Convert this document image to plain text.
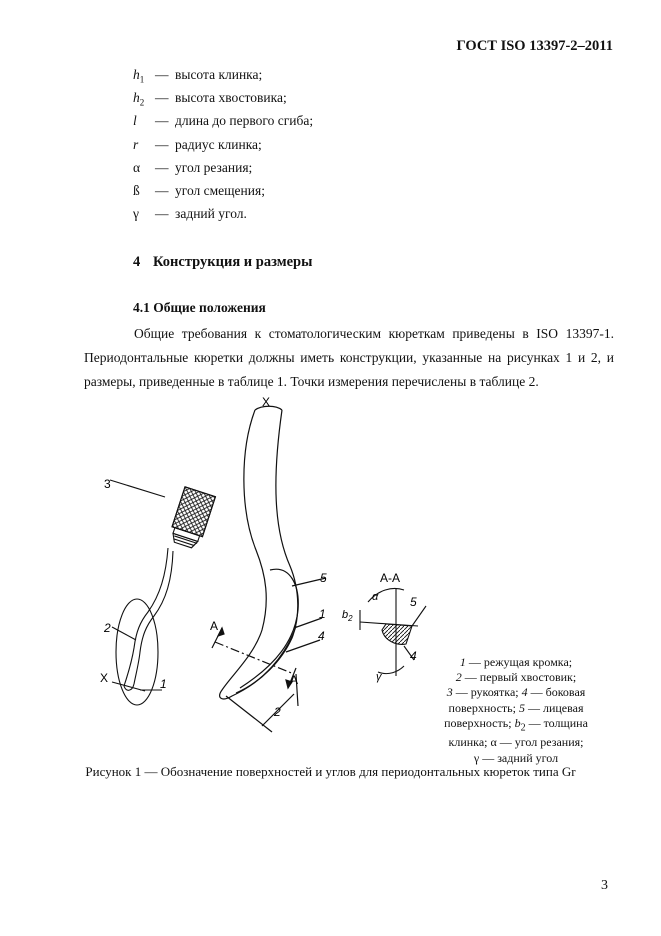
ГОСТ ISO 13397-2–2011
$h_1$ — высота клинка;
$h_2$ — высота хвостовика;
l — длина до первого сгиба;
r — радиус клинка;
α — угол резания;
ß — угол смещения;
γ — задний угол.
4 Конструкция и размеры
4.1 Общие положения
Общие требования к стоматологическим кюреткам приведены в ISO 13397-1. Периодонтальные кюретки должны иметь конструкции, указанные на рисунках 1 и 2, и размеры, приведенные в таблице 1. Точки измерения перечислены в таблице 2.
3
2
X	1
X
5
1
4
A
A
2
A-A
α
$b_2$
5
4
γ
1 — режущая кромка;
2 — первый хвостовик;
3 — рукоятка; 4 — боковая поверхность; 5 — лицевая поверхность; $b_2$ — толщина клинка; α — угол резания;
γ — задний угол
Рисунок 1 — Обозначение поверхностей и углов для периодонтальных кюреток типа Gr
3
